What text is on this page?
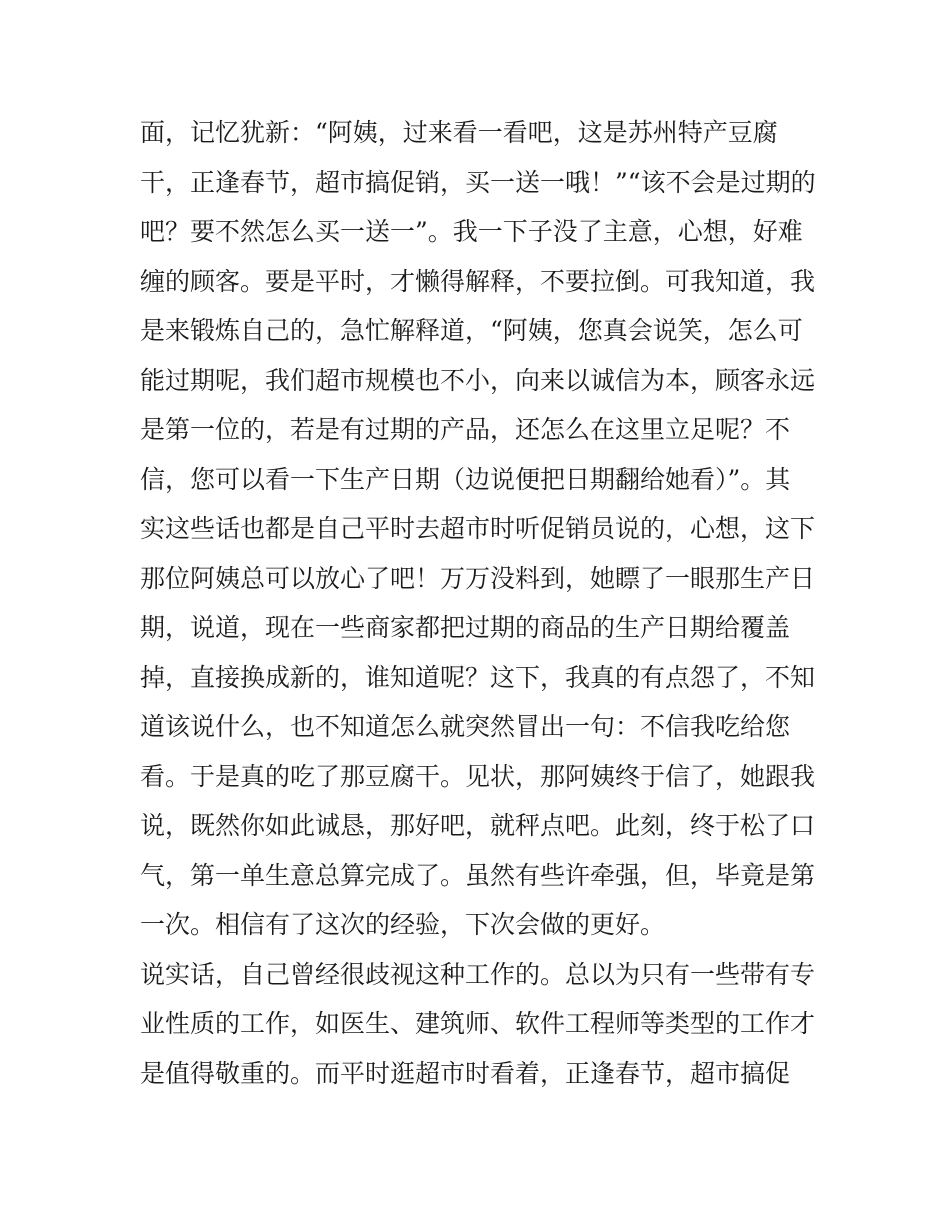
面，记忆犹新：“阿姨，过来看一看吧，这是苏州特产豆腐
干，正逢春节，超市搞促销，买一送一哦！”“该不会是过期的
吧？要不然怎么买一送一”。我一下子没了主意，心想，好难
缠的顾客。要是平时，才懒得解释，不要拉倒。可我知道，我
是来锻炼自己的，急忙解释道，“阿姨，您真会说笑，怎么可
能过期呢，我们超市规模也不小，向来以诚信为本，顾客永远
是第一位的，若是有过期的产品，还怎么在这里立足呢？不
信，您可以看一下生产日期（边说便把日期翻给她看）”。其
实这些话也都是自己平时去超市时听促销员说的，心想，这下
那位阿姨总可以放心了吧！万万没料到，她瞟了一眼那生产日
期，说道，现在一些商家都把过期的商品的生产日期给覆盖
掉，直接换成新的，谁知道呢？这下，我真的有点怨了，不知
道该说什么，也不知道怎么就突然冒出一句：不信我吃给您
看。于是真的吃了那豆腐干。见状，那阿姨终于信了，她跟我
说，既然你如此诚恳，那好吧，就秤点吧。此刻，终于松了口
气，第一单生意总算完成了。虽然有些许牵强，但，毕竟是第
一次。相信有了这次的经验，下次会做的更好。
说实话，自己曾经很歧视这种工作的。总以为只有一些带有专
业性质的工作，如医生、建筑师、软件工程师等类型的工作才
是值得敬重的。而平时逛超市时看着，正逢春节，超市搞促
